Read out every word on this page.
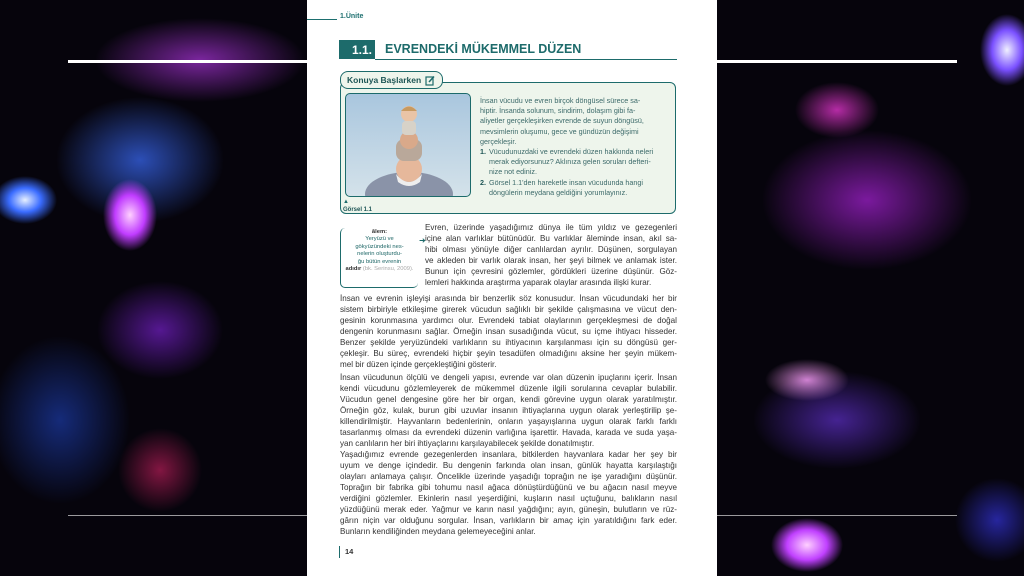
1.Ünite
1.1. EVRENDEKİ MÜKEMMEL DÜZEN
Konuya Başlarken
▲
Görsel 1.1
İnsan vücudu ve evren birçok döngüsel sürece sa-
hiptir. İnsanda solunum, sindirim, dolaşım gibi fa-
aliyetler gerçekleşirken evrende de suyun döngüsü,
mevsimlerin oluşumu, gece ve gündüzün değişimi
gerçekleşir.
1. Vücudunuzdaki ve evrendeki düzen hakkında neleri
merak ediyorsunuz? Aklınıza gelen soruları defteri-
nize not ediniz.
2. Görsel 1.1'den hareketle insan vücudunda hangi
döngülerin meydana geldiğini yorumlayınız.
âlem:
Yeryüzü ve
gökyüzündeki nes-
nelerin oluşturdu-
ğu bütün evrenin
adıdır (bk. Serinsu, 2009).
➜
Evren, üzerinde yaşadığımız dünya ile tüm yıldız ve gezegenleri
içine alan varlıklar bütünüdür. Bu varlıklar âleminde insan, akıl sa-
hibi olması yönüyle diğer canlılardan ayrılır. Düşünen, sorgulayan
ve akleden bir varlık olarak insan, her şeyi bilmek ve anlamak ister.
Bunun için çevresini gözlemler, gördükleri üzerine düşünür. Göz-
lemleri hakkında araştırma yaparak olaylar arasında ilişki kurar.
İnsan ve evrenin işleyişi arasında bir benzerlik söz konusudur. İnsan vücudundaki her bir
sistem birbiriyle etkileşime girerek vücudun sağlıklı bir şekilde çalışmasına ve vücut den-
gesinin korunmasına yardımcı olur. Evrendeki tabiat olaylarının gerçekleşmesi de doğal
dengenin korunmasını sağlar. Örneğin insan susadığında vücut, su içme ihtiyacı hisseder.
Benzer şekilde yeryüzündeki varlıkların su ihtiyacının karşılanması için su döngüsü ger-
çekleşir. Bu süreç, evrendeki hiçbir şeyin tesadüfen olmadığını aksine her şeyin mükem-
mel bir düzen içinde gerçekleştiğini gösterir.
İnsan vücudunun ölçülü ve dengeli yapısı, evrende var olan düzenin ipuçlarını içerir. İnsan
kendi vücudunu gözlemleyerek de mükemmel düzenle ilgili sorularına cevaplar bulabilir.
Vücudun genel dengesine göre her bir organ, kendi görevine uygun olarak yaratılmıştır.
Örneğin göz, kulak, burun gibi uzuvlar insanın ihtiyaçlarına uygun olarak yerleştirilip şe-
killendirilmiştir. Hayvanların bedenlerinin, onların yaşayışlarına uygun olarak farklı farklı
tasarlanmış olması da evrendeki düzenin varlığına işarettir. Havada, karada ve suda yaşa-
yan canlıların her biri ihtiyaçlarını karşılayabilecek şekilde donatılmıştır.
Yaşadığımız evrende gezegenlerden insanlara, bitkilerden hayvanlara kadar her şey bir
uyum ve denge içindedir. Bu dengenin farkında olan insan, günlük hayatta karşılaştığı
olayları anlamaya çalışır. Öncelikle üzerinde yaşadığı toprağın ne işe yaradığını düşünür.
Toprağın bir fabrika gibi tohumu nasıl ağaca dönüştürdüğünü ve bu ağacın nasıl meyve
verdiğini gözlemler. Ekinlerin nasıl yeşerdiğini, kuşların nasıl uçtuğunu, balıkların nasıl
yüzdüğünü merak eder. Yağmur ve karın nasıl yağdığını; ayın, güneşin, bulutların ve rüz-
gârın niçin var olduğunu sorgular. İnsan, varlıkların bir amaç için yaratıldığını fark eder.
Bunların kendiliğinden meydana gelemeyeceğini anlar.
14
